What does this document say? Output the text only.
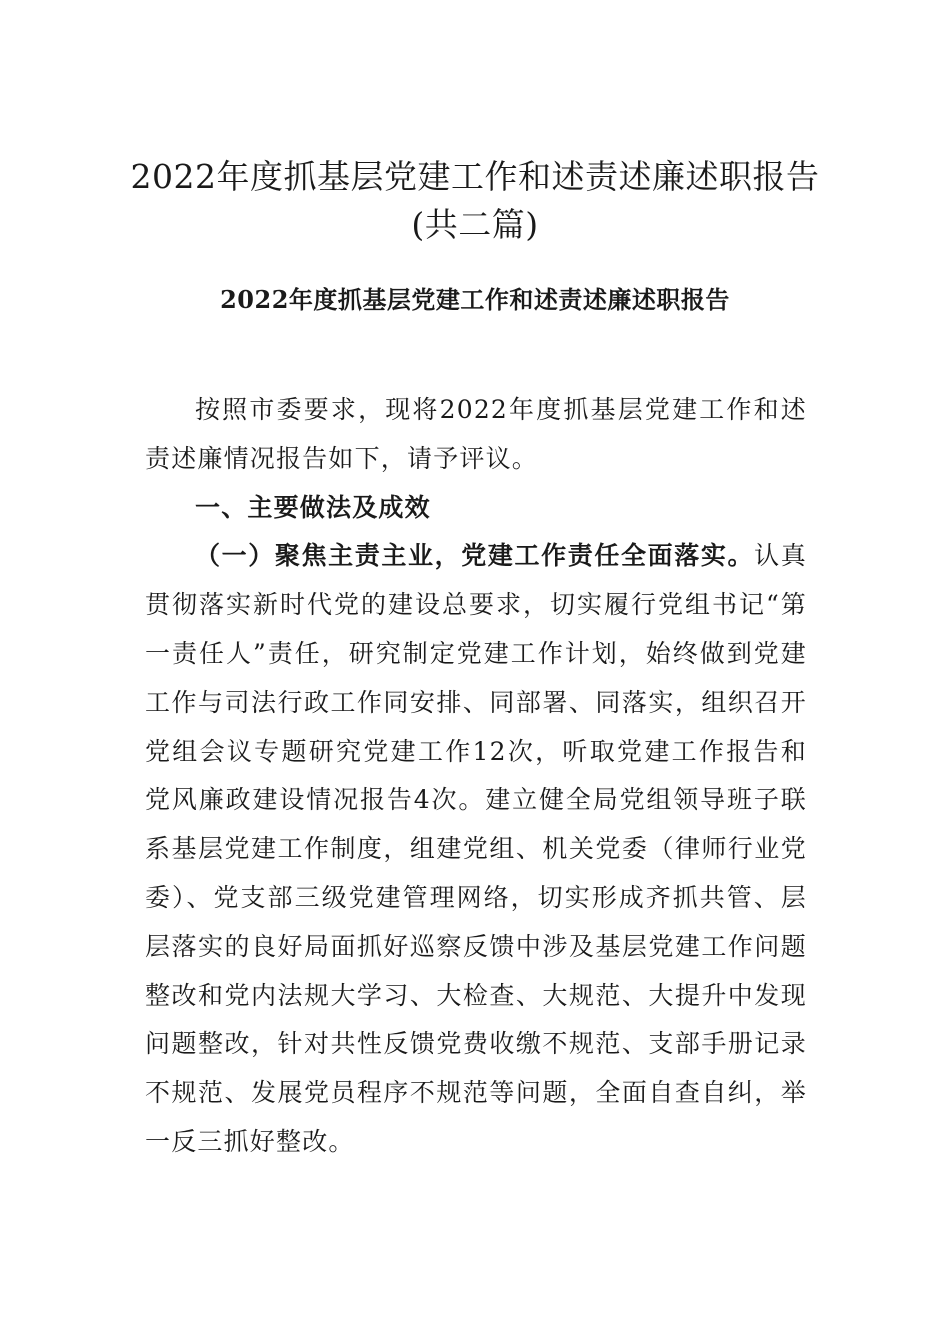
2022年度抓基层党建工作和述责述廉述职报告
(共二篇)
2022年度抓基层党建工作和述责述廉述职报告

按照市委要求，现将2022年度抓基层党建工作和述责述廉情况报告如下，请予评议。

一、主要做法及成效

（一）聚焦主责主业，党建工作责任全面落实。认真贯彻落实新时代党的建设总要求，切实履行党组书记“第一责任人”责任，研究制定党建工作计划，始终做到党建工作与司法行政工作同安排、同部署、同落实，组织召开党组会议专题研究党建工作12次，听取党建工作报告和党风廉政建设情况报告4次。建立健全局党组领导班子联系基层党建工作制度，组建党组、机关党委（律师行业党委）、党支部三级党建管理网络，切实形成齐抓共管、层层落实的良好局面抓好巡察反馈中涉及基层党建工作问题整改和党内法规大学习、大检查、大规范、大提升中发现问题整改，针对共性反馈党费收缴不规范、支部手册记录不规范、发展党员程序不规范等问题，全面自查自纠，举一反三抓好整改。
